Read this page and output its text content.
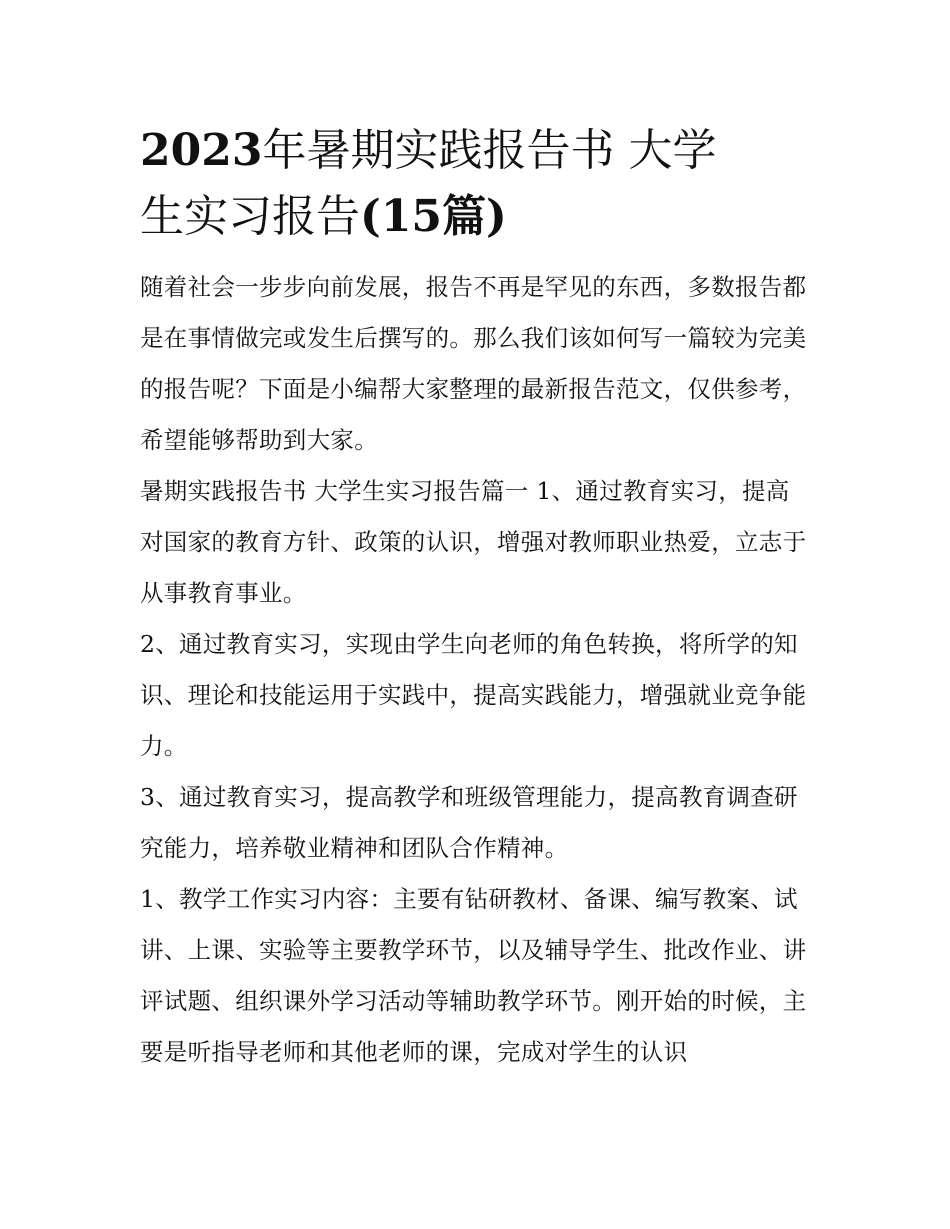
2023年暑期实践报告书 大学
生实习报告(15篇)

随着社会一步步向前发展，报告不再是罕见的东西，多数报告都是在事情做完或发生后撰写的。那么我们该如何写一篇较为完美的报告呢？下面是小编帮大家整理的最新报告范文，仅供参考，希望能够帮助到大家。

暑期实践报告书 大学生实习报告篇一 1、通过教育实习，提高对国家的教育方针、政策的认识，增强对教师职业热爱，立志于从事教育事业。

2、通过教育实习，实现由学生向老师的角色转换，将所学的知识、理论和技能运用于实践中，提高实践能力，增强就业竞争能力。

3、通过教育实习，提高教学和班级管理能力，提高教育调查研究能力，培养敬业精神和团队合作精神。

1、教学工作实习内容：主要有钻研教材、备课、编写教案、试讲、上课、实验等主要教学环节，以及辅导学生、批改作业、讲评试题、组织课外学习活动等辅助教学环节。刚开始的时候，主要是听指导老师和其他老师的课，完成对学生的认识
